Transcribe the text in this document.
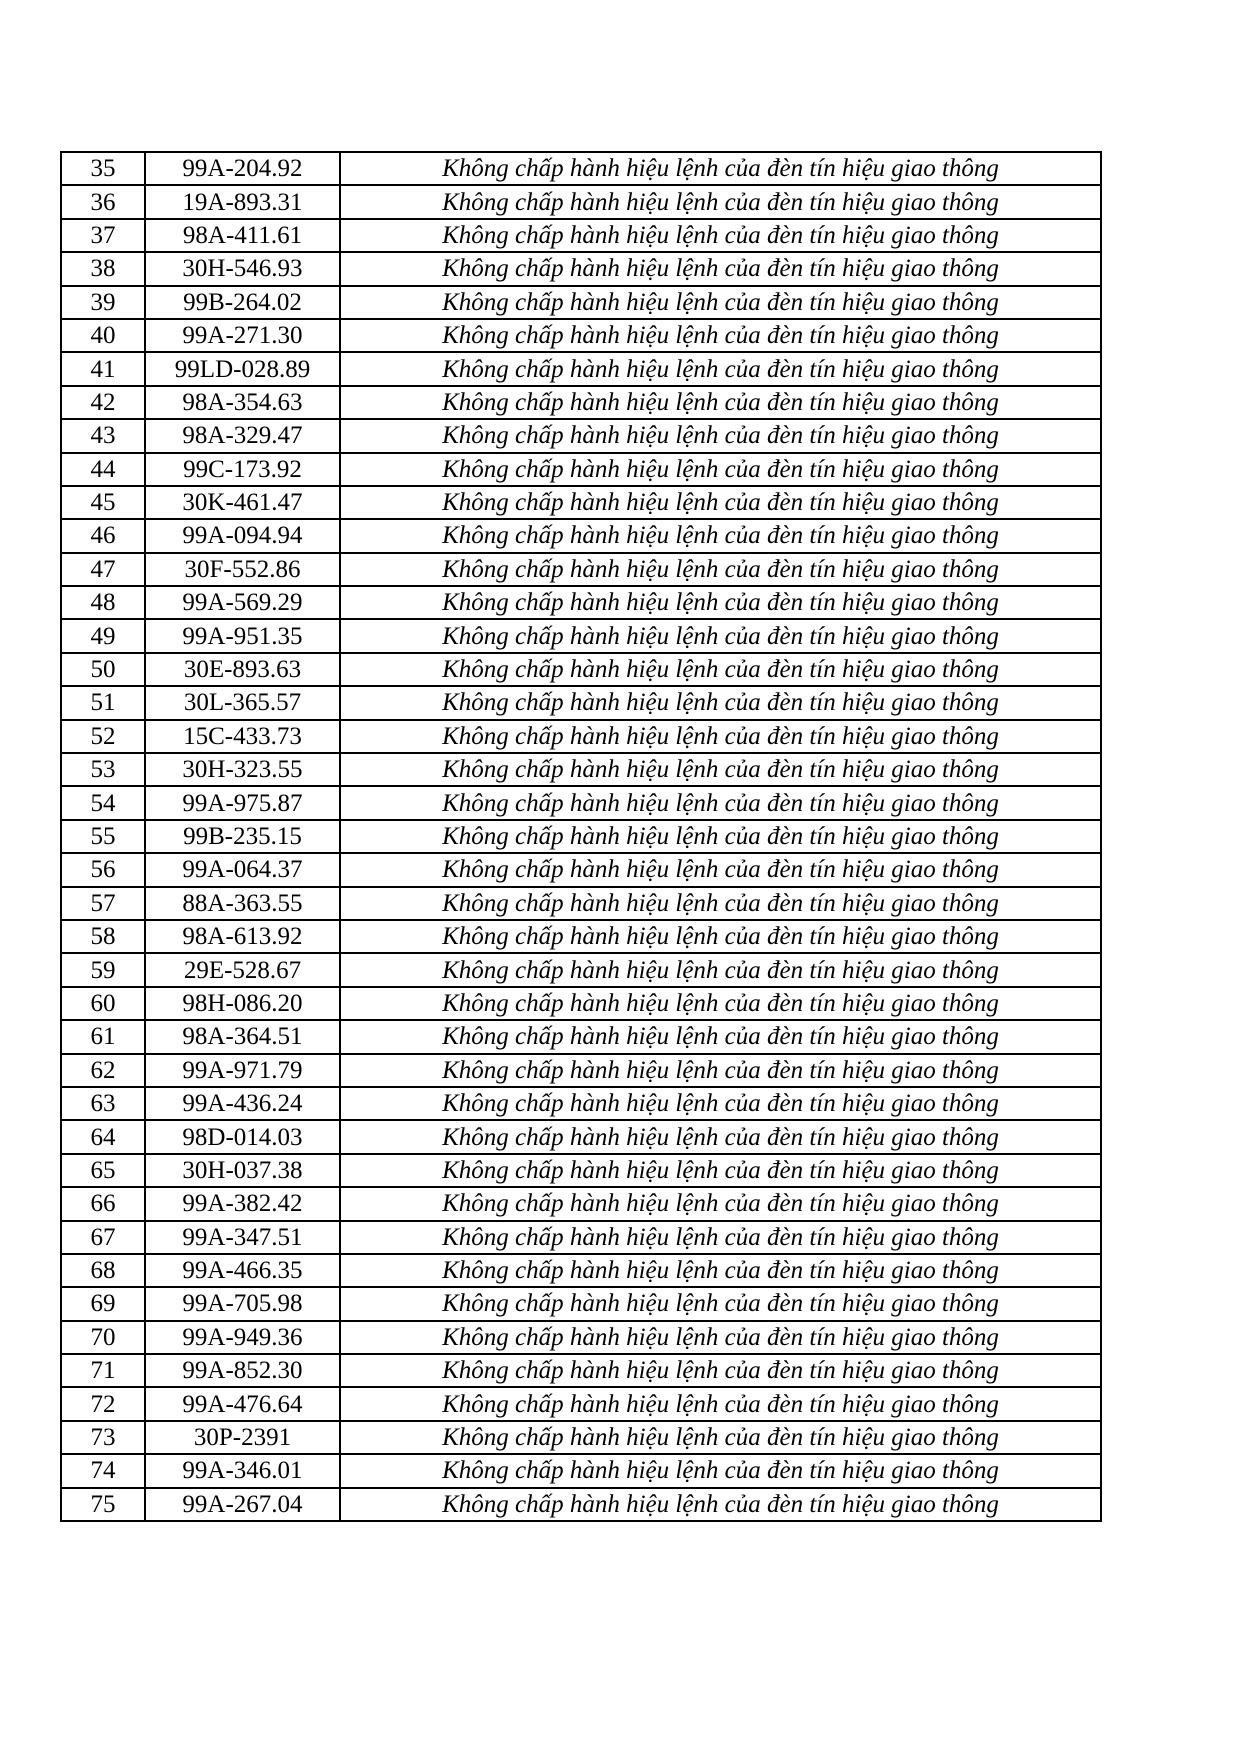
35	99A-204.92	Không chấp hành hiệu lệnh của đèn tín hiệu giao thông
36	19A-893.31	Không chấp hành hiệu lệnh của đèn tín hiệu giao thông
37	98A-411.61	Không chấp hành hiệu lệnh của đèn tín hiệu giao thông
38	30H-546.93	Không chấp hành hiệu lệnh của đèn tín hiệu giao thông
39	99B-264.02	Không chấp hành hiệu lệnh của đèn tín hiệu giao thông
40	99A-271.30	Không chấp hành hiệu lệnh của đèn tín hiệu giao thông
41	99LD-028.89	Không chấp hành hiệu lệnh của đèn tín hiệu giao thông
42	98A-354.63	Không chấp hành hiệu lệnh của đèn tín hiệu giao thông
43	98A-329.47	Không chấp hành hiệu lệnh của đèn tín hiệu giao thông
44	99C-173.92	Không chấp hành hiệu lệnh của đèn tín hiệu giao thông
45	30K-461.47	Không chấp hành hiệu lệnh của đèn tín hiệu giao thông
46	99A-094.94	Không chấp hành hiệu lệnh của đèn tín hiệu giao thông
47	30F-552.86	Không chấp hành hiệu lệnh của đèn tín hiệu giao thông
48	99A-569.29	Không chấp hành hiệu lệnh của đèn tín hiệu giao thông
49	99A-951.35	Không chấp hành hiệu lệnh của đèn tín hiệu giao thông
50	30E-893.63	Không chấp hành hiệu lệnh của đèn tín hiệu giao thông
51	30L-365.57	Không chấp hành hiệu lệnh của đèn tín hiệu giao thông
52	15C-433.73	Không chấp hành hiệu lệnh của đèn tín hiệu giao thông
53	30H-323.55	Không chấp hành hiệu lệnh của đèn tín hiệu giao thông
54	99A-975.87	Không chấp hành hiệu lệnh của đèn tín hiệu giao thông
55	99B-235.15	Không chấp hành hiệu lệnh của đèn tín hiệu giao thông
56	99A-064.37	Không chấp hành hiệu lệnh của đèn tín hiệu giao thông
57	88A-363.55	Không chấp hành hiệu lệnh của đèn tín hiệu giao thông
58	98A-613.92	Không chấp hành hiệu lệnh của đèn tín hiệu giao thông
59	29E-528.67	Không chấp hành hiệu lệnh của đèn tín hiệu giao thông
60	98H-086.20	Không chấp hành hiệu lệnh của đèn tín hiệu giao thông
61	98A-364.51	Không chấp hành hiệu lệnh của đèn tín hiệu giao thông
62	99A-971.79	Không chấp hành hiệu lệnh của đèn tín hiệu giao thông
63	99A-436.24	Không chấp hành hiệu lệnh của đèn tín hiệu giao thông
64	98D-014.03	Không chấp hành hiệu lệnh của đèn tín hiệu giao thông
65	30H-037.38	Không chấp hành hiệu lệnh của đèn tín hiệu giao thông
66	99A-382.42	Không chấp hành hiệu lệnh của đèn tín hiệu giao thông
67	99A-347.51	Không chấp hành hiệu lệnh của đèn tín hiệu giao thông
68	99A-466.35	Không chấp hành hiệu lệnh của đèn tín hiệu giao thông
69	99A-705.98	Không chấp hành hiệu lệnh của đèn tín hiệu giao thông
70	99A-949.36	Không chấp hành hiệu lệnh của đèn tín hiệu giao thông
71	99A-852.30	Không chấp hành hiệu lệnh của đèn tín hiệu giao thông
72	99A-476.64	Không chấp hành hiệu lệnh của đèn tín hiệu giao thông
73	30P-2391	Không chấp hành hiệu lệnh của đèn tín hiệu giao thông
74	99A-346.01	Không chấp hành hiệu lệnh của đèn tín hiệu giao thông
75	99A-267.04	Không chấp hành hiệu lệnh của đèn tín hiệu giao thông
